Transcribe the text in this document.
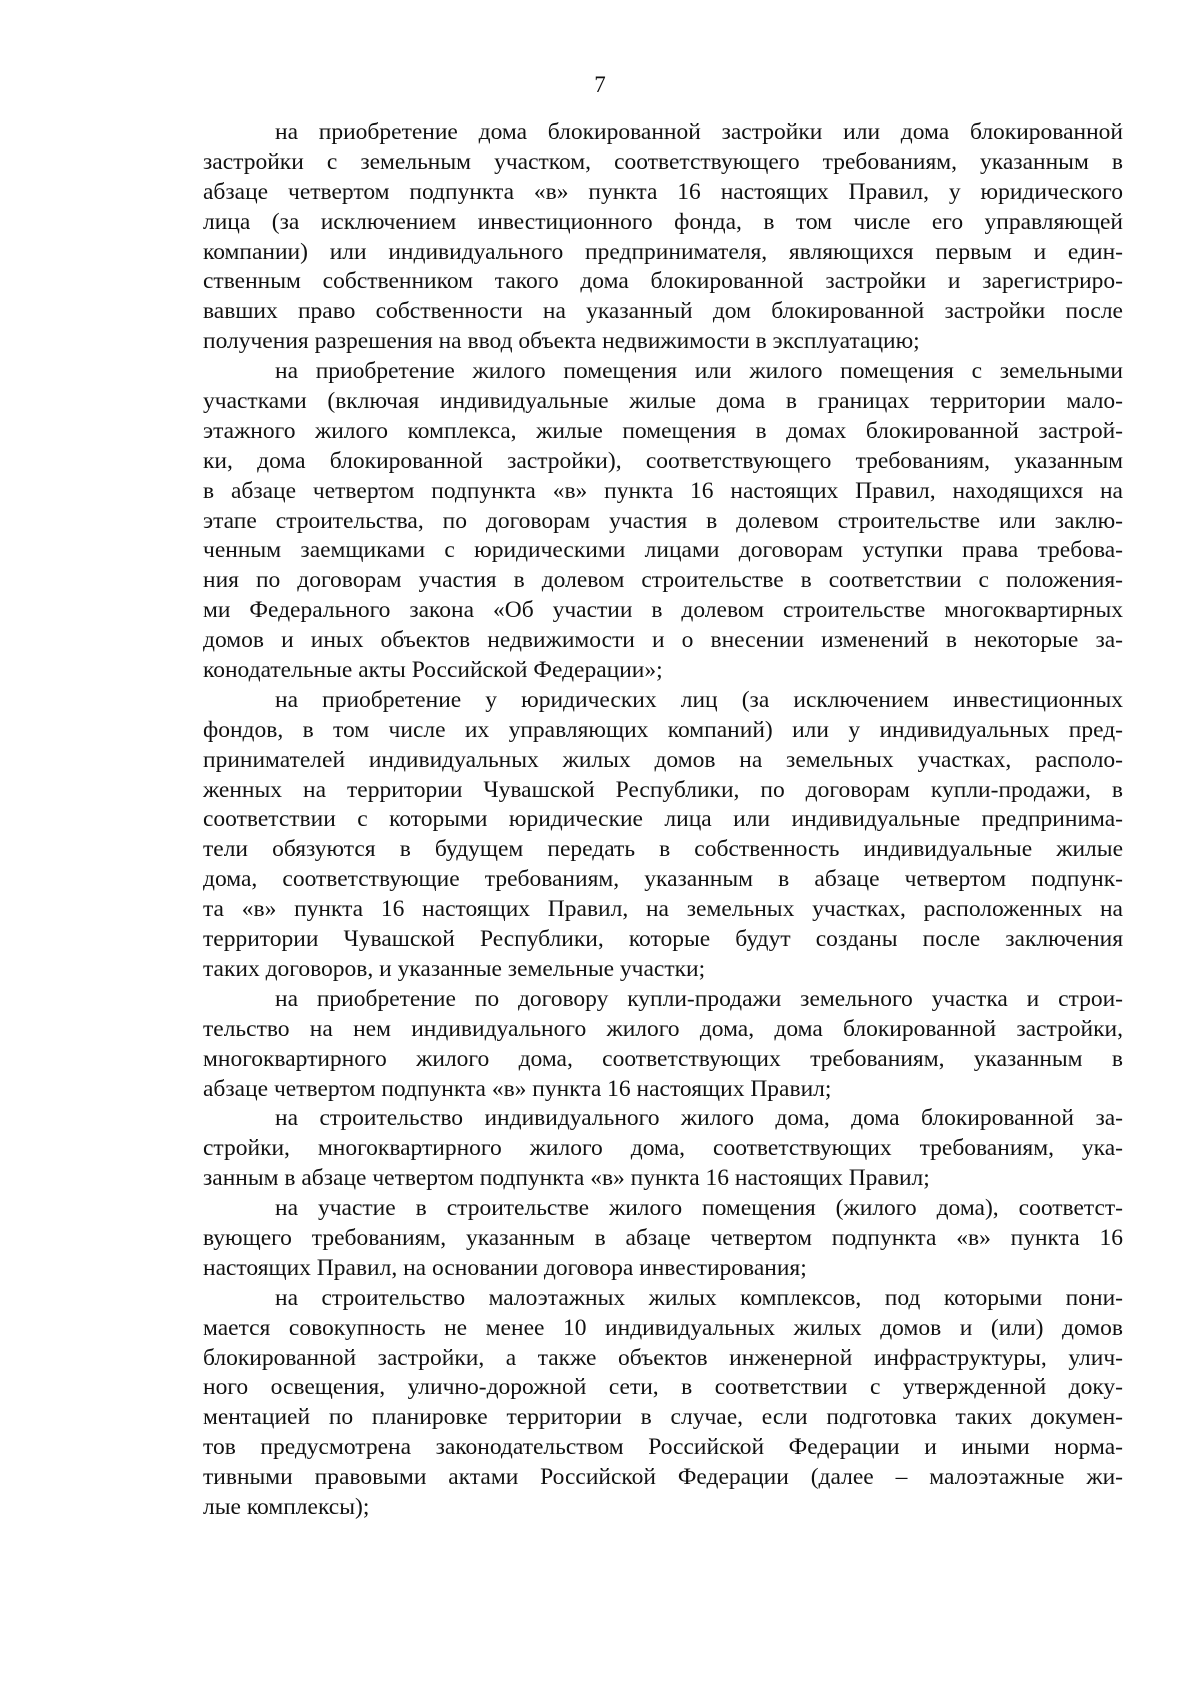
7
на приобретение дома блокированной застройки или дома блокированной
застройки с земельным участком, соответствующего требованиям, указанным в
абзаце четвертом подпункта «в» пункта 16 настоящих Правил, у юридического
лица (за исключением инвестиционного фонда, в том числе его управляющей
компании) или индивидуального предпринимателя, являющихся первым и един-
ственным собственником такого дома блокированной застройки и зарегистриро-
вавших право собственности на указанный дом блокированной застройки после
получения разрешения на ввод объекта недвижимости в эксплуатацию;
на приобретение жилого помещения или жилого помещения с земельными
участками (включая индивидуальные жилые дома в границах территории мало-
этажного жилого комплекса, жилые помещения в домах блокированной застрой-
ки, дома блокированной застройки), соответствующего требованиям, указанным
в абзаце четвертом подпункта «в» пункта 16 настоящих Правил, находящихся на
этапе строительства, по договорам участия в долевом строительстве или заклю-
ченным заемщиками с юридическими лицами договорам уступки права требова-
ния по договорам участия в долевом строительстве в соответствии с положения-
ми Федерального закона «Об участии в долевом строительстве многоквартирных
домов и иных объектов недвижимости и о внесении изменений в некоторые за-
конодательные акты Российской Федерации»;
на приобретение у юридических лиц (за исключением инвестиционных
фондов, в том числе их управляющих компаний) или у индивидуальных пред-
принимателей индивидуальных жилых домов на земельных участках, располо-
женных на территории Чувашской Республики, по договорам купли-продажи, в
соответствии с которыми юридические лица или индивидуальные предпринима-
тели обязуются в будущем передать в собственность индивидуальные жилые
дома, соответствующие требованиям, указанным в абзаце четвертом подпунк-
та «в» пункта 16 настоящих Правил, на земельных участках, расположенных на
территории Чувашской Республики, которые будут созданы после заключения
таких договоров, и указанные земельные участки;
на приобретение по договору купли-продажи земельного участка и строи-
тельство на нем индивидуального жилого дома, дома блокированной застройки,
многоквартирного жилого дома, соответствующих требованиям, указанным в
абзаце четвертом подпункта «в» пункта 16 настоящих Правил;
на строительство индивидуального жилого дома, дома блокированной за-
стройки, многоквартирного жилого дома, соответствующих требованиям, ука-
занным в абзаце четвертом подпункта «в» пункта 16 настоящих Правил;
на участие в строительстве жилого помещения (жилого дома), соответст-
вующего требованиям, указанным в абзаце четвертом подпункта «в» пункта 16
настоящих Правил, на основании договора инвестирования;
на строительство малоэтажных жилых комплексов, под которыми пони-
мается совокупность не менее 10 индивидуальных жилых домов и (или) домов
блокированной застройки, а также объектов инженерной инфраструктуры, улич-
ного освещения, улично-дорожной сети, в соответствии с утвержденной доку-
ментацией по планировке территории в случае, если подготовка таких докумен-
тов предусмотрена законодательством Российской Федерации и иными норма-
тивными правовыми актами Российской Федерации (далее – малоэтажные жи-
лые комплексы);
